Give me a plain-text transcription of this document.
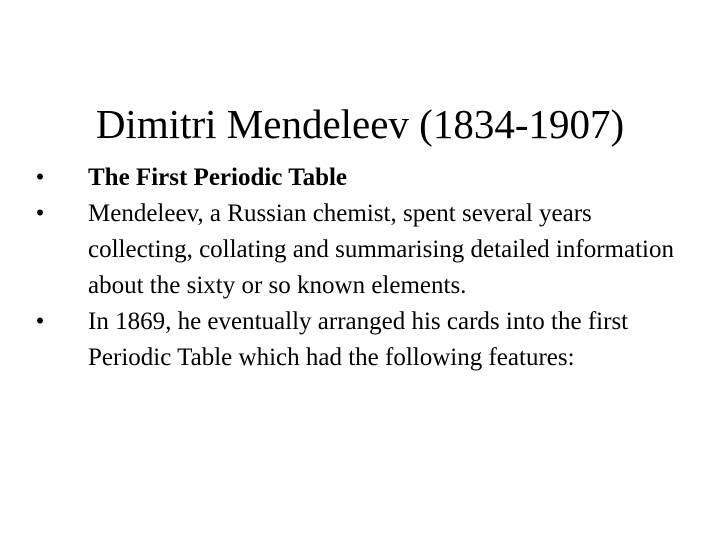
Dimitri Mendeleev (1834‑1907)
• The First Periodic Table
• Mendeleev, a Russian chemist, spent several years collecting, collating and summarising detailed information about the sixty or so known elements.
• In 1869, he eventually arranged his cards into the first Periodic Table which had the following features:
